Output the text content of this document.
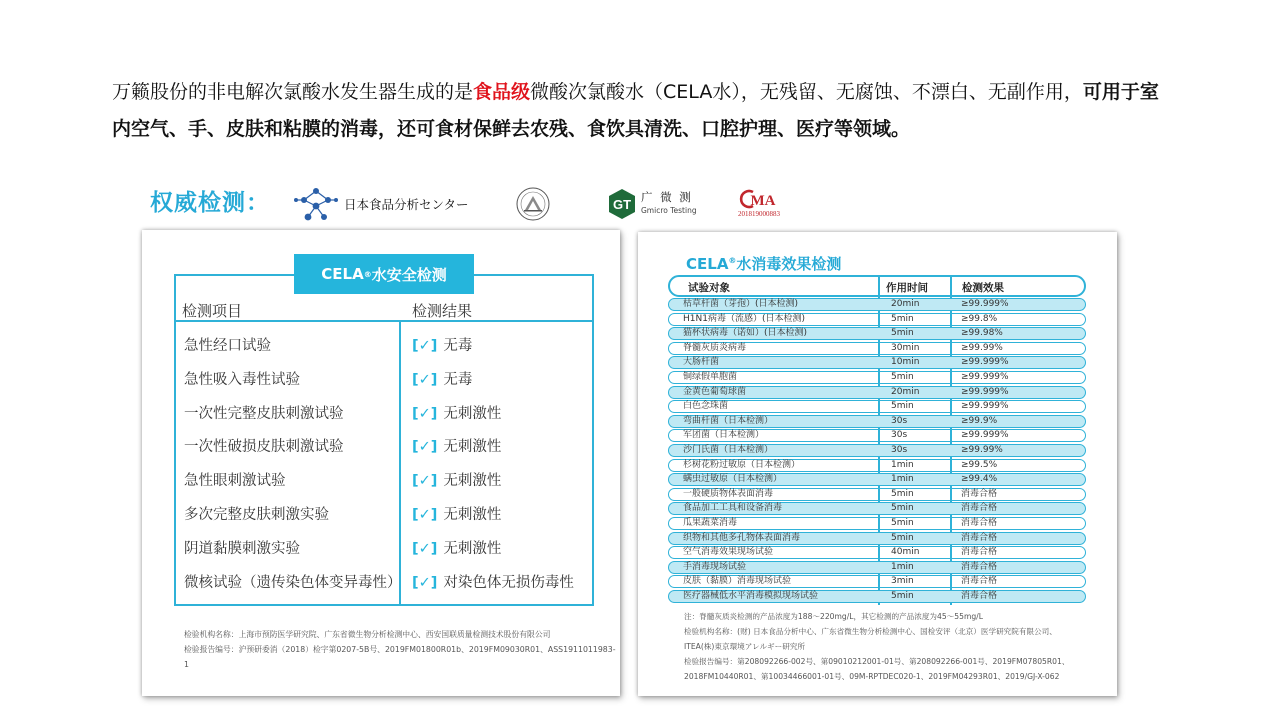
万籁股份的非电解次氯酸水发生器生成的是食品级微酸次氯酸水（CELA水），无残留、无腐蚀、不漂白、无副作用，可用于室内空气、手、皮肤和粘膜的消毒，还可食材保鲜去农残、食饮具清洗、口腔护理、医疗等领域。

权威检测：	日本食品分析センター	GT 广 微 测
Gmicro Testing
MA
201819000883
CELA ® 水安全检测
检测项目	检测结果
急性经口试验	[✓] 无毒
急性吸入毒性试验	[✓] 无毒
一次性完整皮肤刺激试验	[✓] 无刺激性
一次性破损皮肤刺激试验	[✓] 无刺激性
急性眼刺激试验	[✓] 无刺激性
多次完整皮肤刺激实验	[✓] 无刺激性
阴道黏膜刺激实验	[✓] 无刺激性
微核试验（遗传染色体变异毒性） [✓] 对染色体无损伤毒性
检验机构名称：上海市预防医学研究院、广东省微生物分析检测中心、西安国联质量检测技术股份有限公司
检验报告编号：沪预研委消（2018）检字第0207-5B号、2019FM01800R01b、2019FM09030R01、ASS1911011983-1
CELA®水消毒效果检测
试验对象	作用时间	检测效果
枯草杆菌（芽孢）(日本检测)	20min	≥99.999%
H1N1病毒（流感）(日本检测)	5min	≥99.8%
猫杯状病毒（诺如）(日本检测)	5min	≥99.98%
脊髓灰质炎病毒	30min	≥99.99%
大肠杆菌	10min	≥99.999%
铜绿假单胞菌	5min	≥99.999%
金黄色葡萄球菌	20min	≥99.999%
白色念珠菌	5min	≥99.999%
弯曲杆菌（日本检测）	30s	≥99.9%
军团菌（日本检测）	30s	≥99.999%
沙门氏菌（日本检测）	30s	≥99.99%
杉树花粉过敏原（日本检测）	1min	≥99.5%
螨虫过敏原（日本检测）	1min	≥99.4%
一般硬质物体表面消毒	5min	消毒合格
食品加工工具和设备消毒	5min	消毒合格
瓜果蔬菜消毒	5min	消毒合格
织物和其他多孔物体表面消毒	5min	消毒合格
空气消毒效果现场试验	40min	消毒合格
手消毒现场试验	1min	消毒合格
皮肤（黏膜）消毒现场试验	3min	消毒合格
医疗器械低水平消毒模拟现场试验	5min	消毒合格
注：脊髓灰质炎检测的产品浓度为188～220mg/L，其它检测的产品浓度为45～55mg/L
检验机构名称：(财) 日本食品分析中心、广东省微生物分析检测中心、国检安评（北京）医学研究院有限公司、
ITEA(株)東京環境アレルギー研究所
检验报告编号：第208092266-002号、第09010212001-01号、第208092266-001号、2019FM07805R01、
2018FM10440R01、第10034466001-01号、09M-RPTDEC020-1、2019FM04293R01、2019/GJ-X-062
